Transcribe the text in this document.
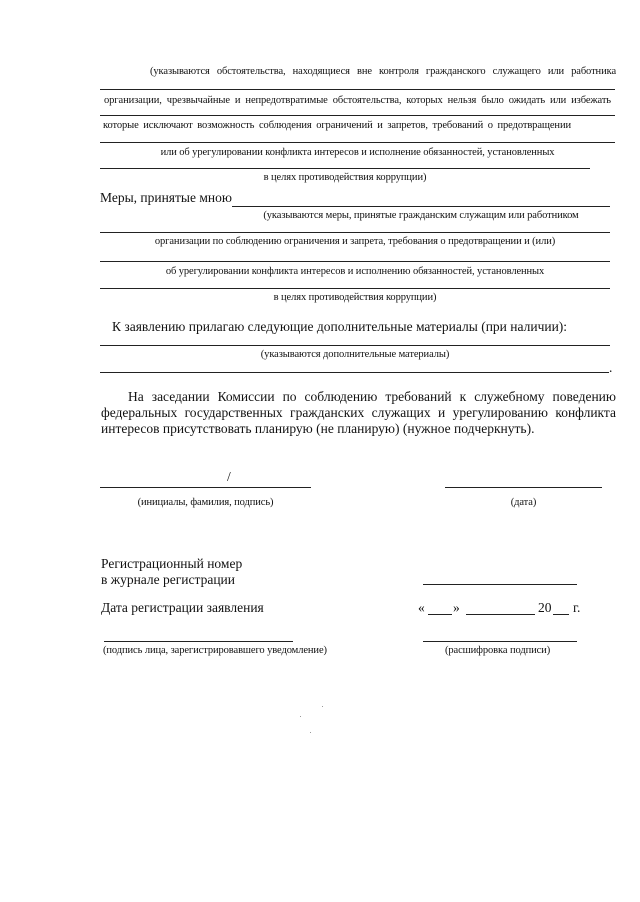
(указываются обстоятельства, находящиеся вне контроля гражданского служащего или работника
организации, чрезвычайные и непредотвратимые обстоятельства, которых нельзя было ожидать или избежать
которые исключают возможность соблюдения ограничений и запретов, требований о предотвращении
или об урегулировании конфликта интересов и исполнение обязанностей, установленных
в целях противодействия коррупции)
Меры, принятые мною
(указываются меры, принятые гражданским служащим или работником
организации по соблюдению ограничения и запрета, требования о предотвращении и (или)
об урегулировании конфликта интересов и исполнению обязанностей, установленных
в целях противодействия коррупции)
К заявлению прилагаю следующие дополнительные материалы (при наличии):
(указываются дополнительные материалы)
.
На заседании Комиссии по соблюдению требований к служебному поведению
федеральных государственных гражданских служащих и урегулированию конфликта
интересов присутствовать планирую (не планирую) (нужное подчеркнуть).
/
(инициалы, фамилия, подпись)	(дата)
Регистрационный номер
в журнале регистрации
Дата регистрации заявления	« »	20 г.
(подпись лица, зарегистрировавшего уведомление)	(расшифровка подписи)
